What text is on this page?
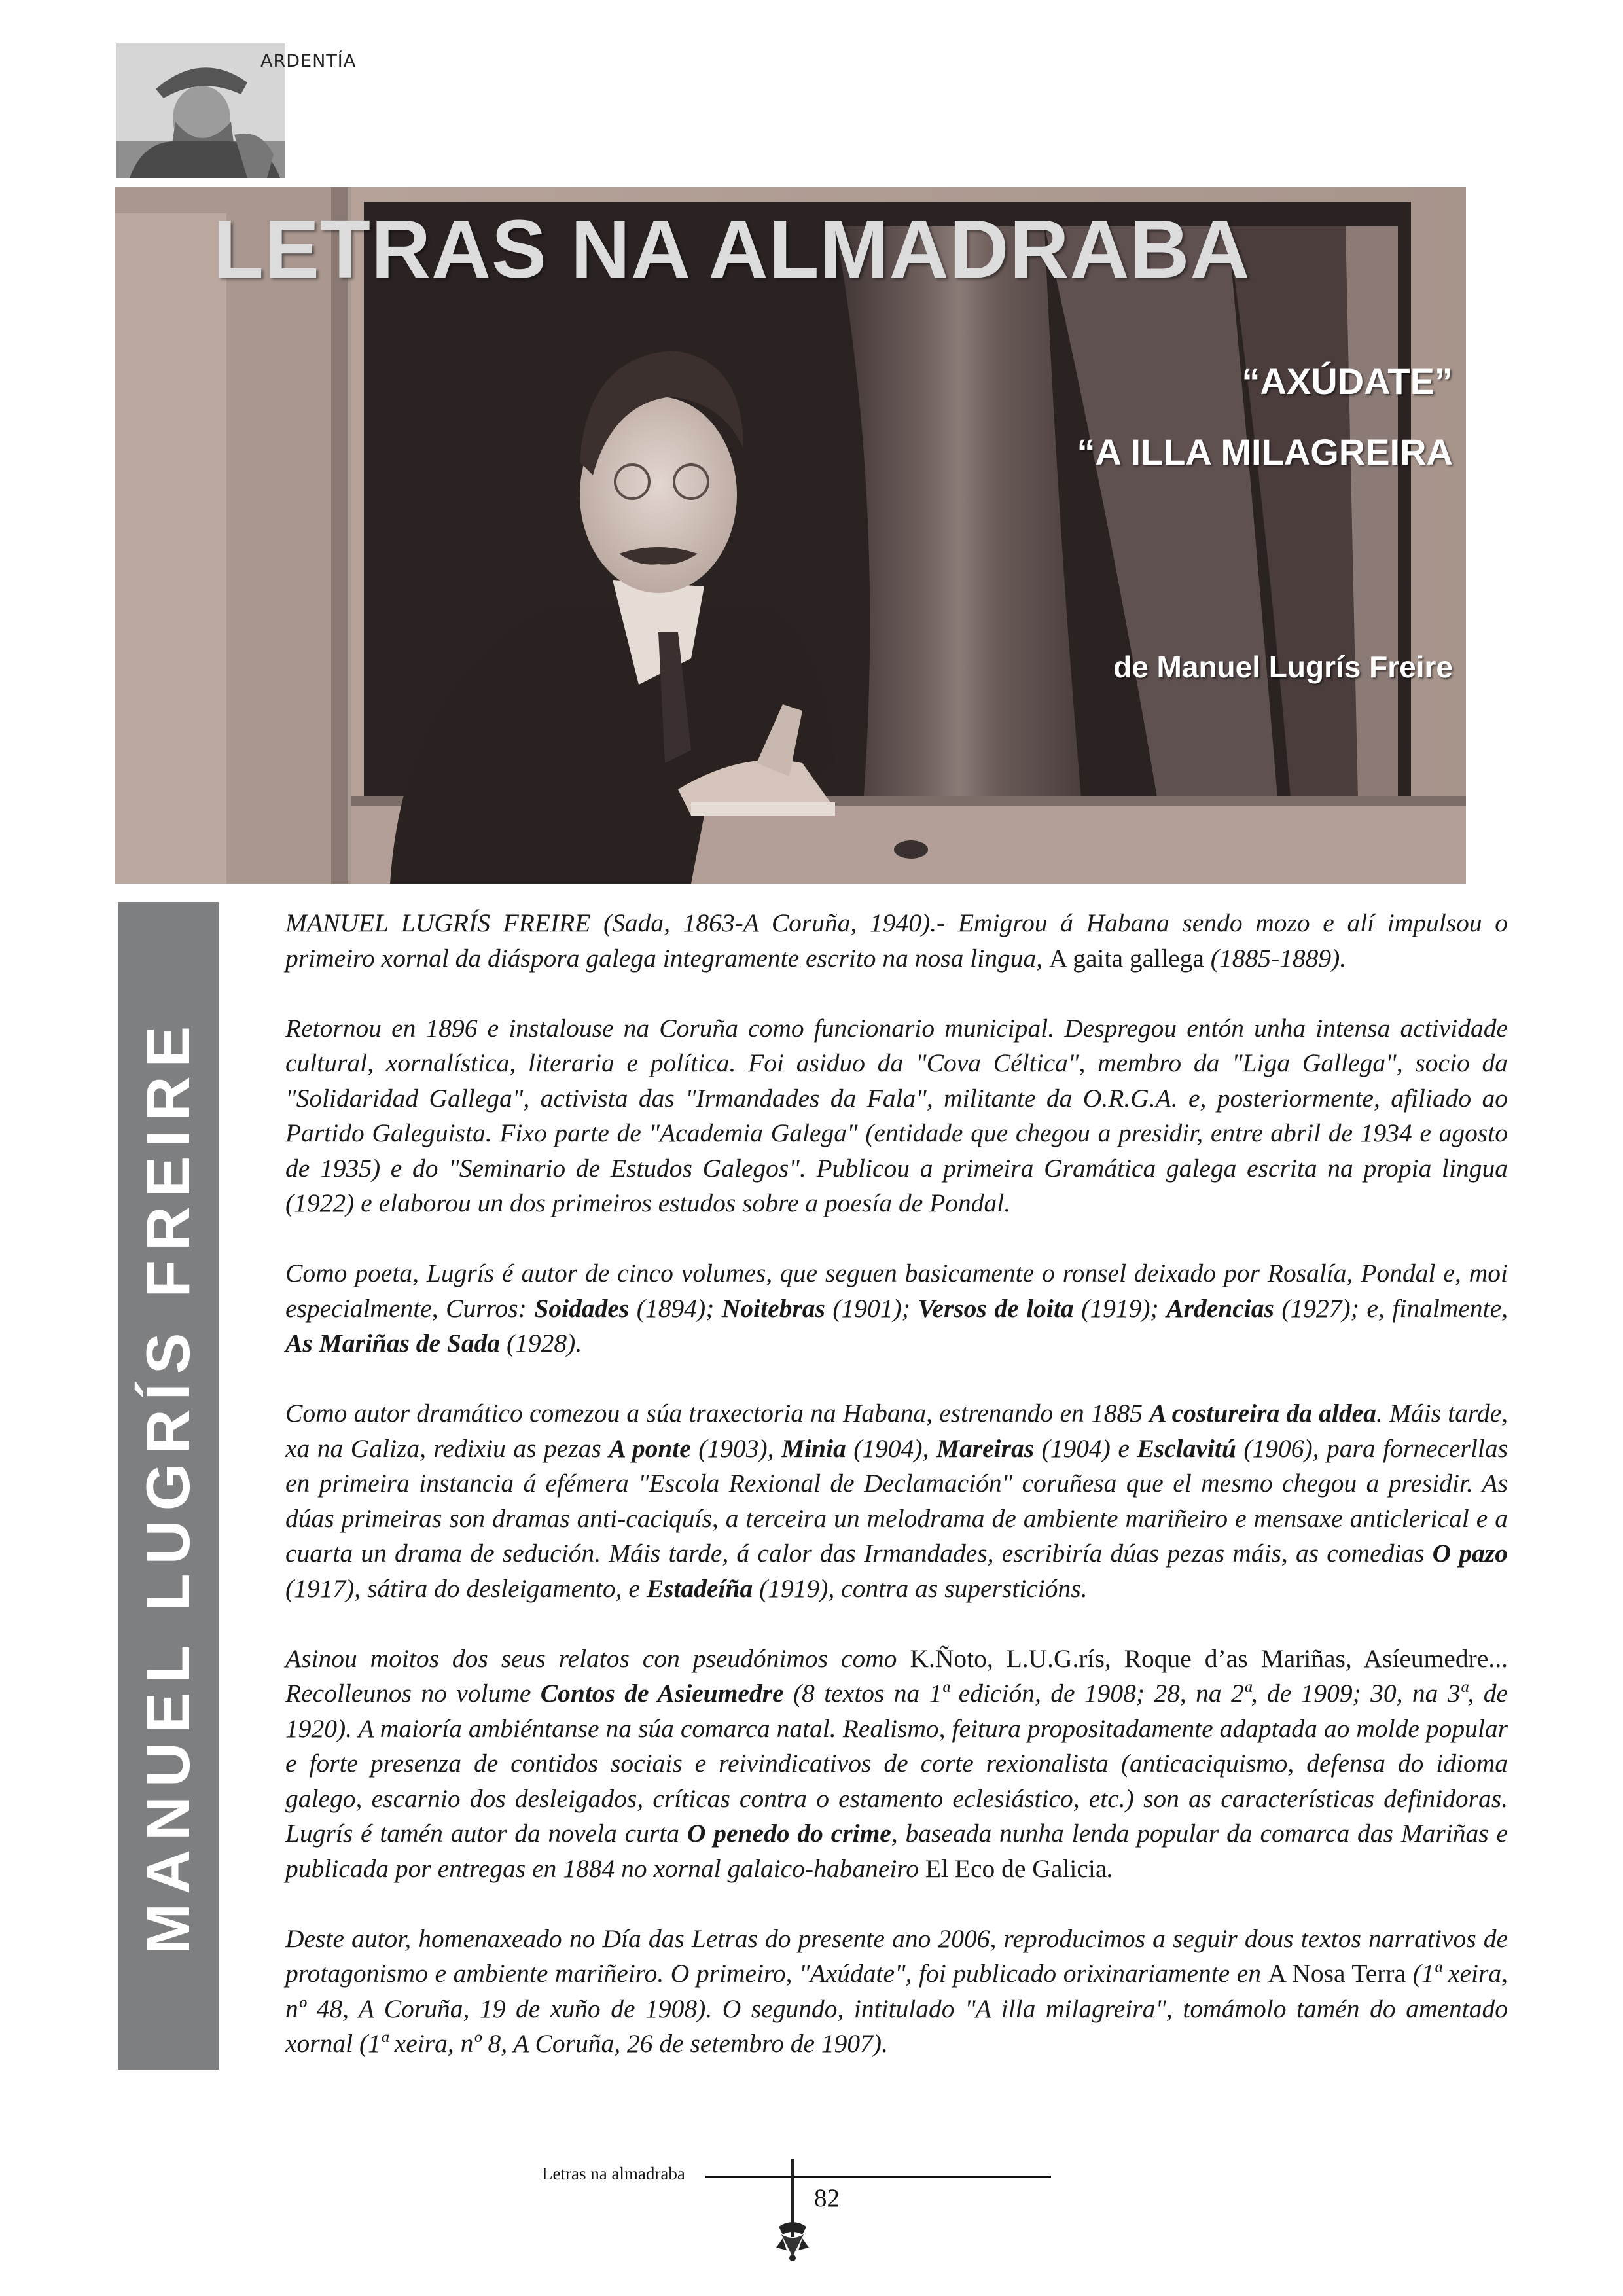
ARDENTÍA
LETRAS NA ALMADRABA
“AXÚDATE”
“A ILLA MILAGREIRA
de Manuel Lugrís Freire
MANUEL LUGRÍS FREIRE

MANUEL LUGRÍS FREIRE (Sada, 1863-A Coruña, 1940).- Emigrou á Habana sendo mozo e alí impulsou o primeiro xornal da diáspora galega integramente escrito na nosa lingua, A gaita gallega (1885-1889).

Retornou en 1896 e instalouse na Coruña como funcionario municipal. Despregou entón unha intensa actividade cultural, xornalística, literaria e política. Foi asiduo da "Cova Céltica", membro da "Liga Gallega", socio da "Solidaridad Gallega", activista das "Irmandades da Fala", militante da O.R.G.A. e, posteriormente, afiliado ao Partido Galeguista. Fixo parte de "Academia Galega" (entidade que chegou a presidir, entre abril de 1934 e agosto de 1935) e do "Seminario de Estudos Galegos". Publicou a primeira Gramática galega escrita na propia lingua (1922) e elaborou un dos primeiros estudos sobre a poesía de Pondal.

Como poeta, Lugrís é autor de cinco volumes, que seguen basicamente o ronsel deixado por Rosalía, Pondal e, moi especialmente, Curros: Soidades (1894); Noitebras (1901); Versos de loita (1919); Ardencias (1927); e, finalmente, As Mariñas de Sada (1928).

Como autor dramático comezou a súa traxectoria na Habana, estrenando en 1885 A costureira da aldea. Máis tarde, xa na Galiza, redixiu as pezas A ponte (1903), Minia (1904), Mareiras (1904) e Esclavitú (1906), para fornecerllas en primeira instancia á efémera "Escola Rexional de Declamación" coruñesa que el mesmo chegou a presidir. As dúas primeiras son dramas anti-caciquís, a terceira un melodrama de ambiente mariñeiro e mensaxe anticlerical e a cuarta un drama de sedución. Máis tarde, á calor das Irmandades, escribiría dúas pezas máis, as comedias O pazo (1917), sátira do desleigamento, e Estadeíña (1919), contra as supersticións.

Asinou moitos dos seus relatos con pseudónimos como K.Ñoto, L.U.G.rís, Roque d’as Mariñas, Asíeumedre... Recolleunos no volume Contos de Asieumedre (8 textos na 1ª edición, de 1908; 28, na 2ª, de 1909; 30, na 3ª, de 1920). A maioría ambiéntanse na súa comarca natal. Realismo, feitura propositadamente adaptada ao molde popular e forte presenza de contidos sociais e reivindicativos de corte rexionalista (anticaciquismo, defensa do idioma galego, escarnio dos desleigados, críticas contra o estamento eclesiástico, etc.) son as características definidoras. Lugrís é tamén autor da novela curta O penedo do crime, baseada nunha lenda popular da comarca das Mariñas e publicada por entregas en 1884 no xornal galaico-habaneiro El Eco de Galicia.

Deste autor, homenaxeado no Día das Letras do presente ano 2006, reproducimos a seguir dous textos narrativos de protagonismo e ambiente mariñeiro. O primeiro, "Axúdate", foi publicado orixinariamente en A Nosa Terra (1ª xeira, nº 48, A Coruña, 19 de xuño de 1908). O segundo, intitulado "A illa milagreira", tomámolo tamén do amentado xornal (1ª xeira, nº 8, A Coruña, 26 de setembro de 1907).

Letras na almadraba
82
